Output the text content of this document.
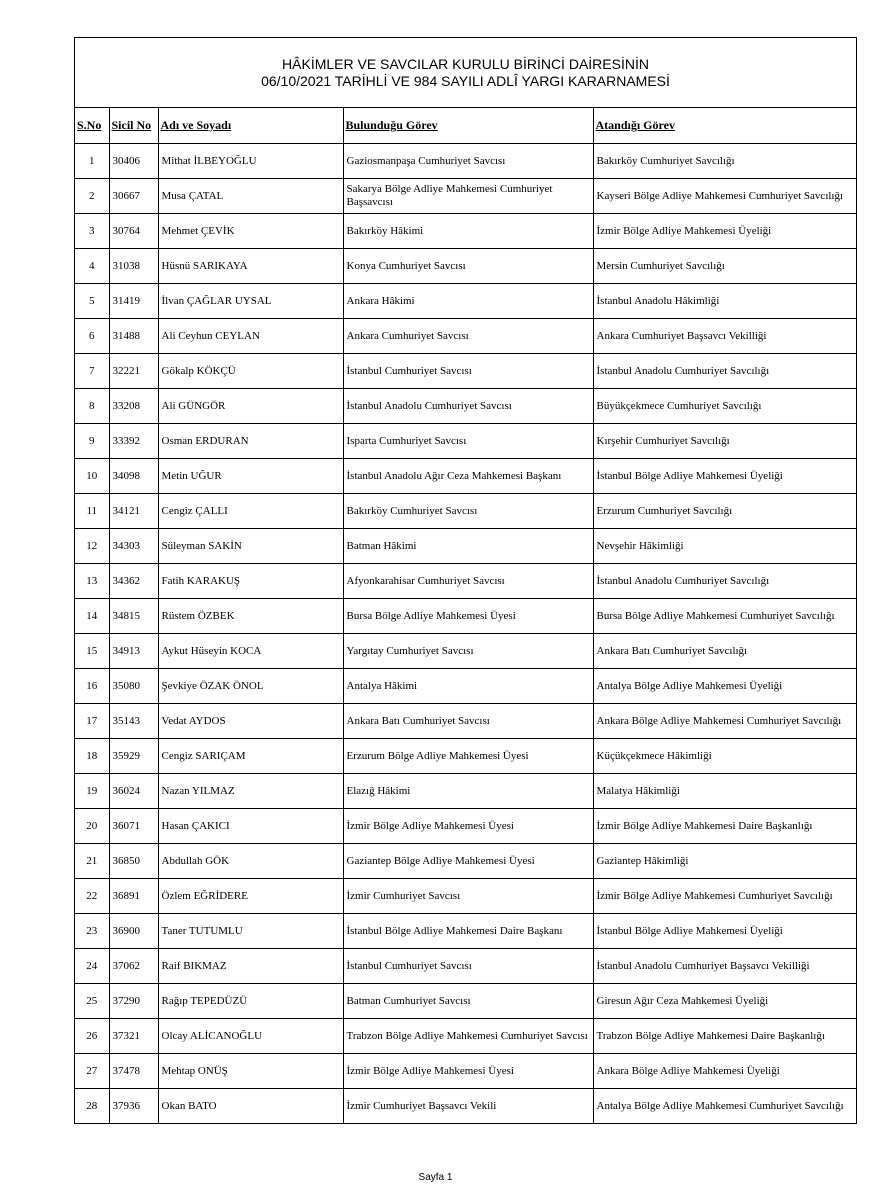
HÂKİMLER VE SAVCILAR KURULU BİRİNCİ DAİRESİNİN
06/10/2021 TARİHLİ VE 984 SAYILI ADLÎ YARGI KARARNAMESİ
S.No	Sicil No	Adı ve Soyadı	Bulunduğu Görev	Atandığı Görev
1	30406	Mithat İLBEYOĞLU	Gaziosmanpaşa Cumhuriyet Savcısı	Bakırköy Cumhuriyet Savcılığı
2	30667	Musa ÇATAL	Sakarya Bölge Adliye Mahkemesi Cumhuriyet Başsavcısı	Kayseri Bölge Adliye Mahkemesi Cumhuriyet Savcılığı
3	30764	Mehmet ÇEVİK	Bakırköy Hâkimi	İzmir Bölge Adliye Mahkemesi Üyeliği
4	31038	Hüsnü SARIKAYA	Konya Cumhuriyet Savcısı	Mersin Cumhuriyet Savcılığı
5	31419	İlvan ÇAĞLAR UYSAL	Ankara Hâkimi	İstanbul Anadolu Hâkimliği
6	31488	Ali Ceyhun CEYLAN	Ankara Cumhuriyet Savcısı	Ankara Cumhuriyet Başsavcı Vekilliği
7	32221	Gökalp KÖKÇÜ	İstanbul Cumhuriyet Savcısı	İstanbul Anadolu Cumhuriyet Savcılığı
8	33208	Ali GÜNGÖR	İstanbul Anadolu Cumhuriyet Savcısı	Büyükçekmece Cumhuriyet Savcılığı
9	33392	Osman ERDURAN	Isparta Cumhuriyet Savcısı	Kırşehir Cumhuriyet Savcılığı
10	34098	Metin UĞUR	İstanbul Anadolu Ağır Ceza Mahkemesi Başkanı	İstanbul Bölge Adliye Mahkemesi Üyeliği
11	34121	Cengiz ÇALLI	Bakırköy Cumhuriyet Savcısı	Erzurum Cumhuriyet Savcılığı
12	34303	Süleyman SAKİN	Batman Hâkimi	Nevşehir Hâkimliği
13	34362	Fatih KARAKUŞ	Afyonkarahisar Cumhuriyet Savcısı	İstanbul Anadolu Cumhuriyet Savcılığı
14	34815	Rüstem ÖZBEK	Bursa Bölge Adliye Mahkemesi Üyesi	Bursa Bölge Adliye Mahkemesi Cumhuriyet Savcılığı
15	34913	Aykut Hüseyin KOCA	Yargıtay Cumhuriyet Savcısı	Ankara Batı Cumhuriyet Savcılığı
16	35080	Şevkiye ÖZAK ÖNOL	Antalya Hâkimi	Antalya Bölge Adliye Mahkemesi Üyeliği
17	35143	Vedat AYDOS	Ankara Batı Cumhuriyet Savcısı	Ankara Bölge Adliye Mahkemesi Cumhuriyet Savcılığı
18	35929	Cengiz SARIÇAM	Erzurum Bölge Adliye Mahkemesi Üyesi	Küçükçekmece Hâkimliği
19	36024	Nazan YILMAZ	Elazığ Hâkimi	Malatya Hâkimliği
20	36071	Hasan ÇAKICI	İzmir Bölge Adliye Mahkemesi Üyesi	İzmir Bölge Adliye Mahkemesi Daire Başkanlığı
21	36850	Abdullah GÖK	Gaziantep Bölge Adliye Mahkemesi Üyesi	Gaziantep Hâkimliği
22	36891	Özlem EĞRİDERE	İzmir Cumhuriyet Savcısı	İzmir Bölge Adliye Mahkemesi Cumhuriyet Savcılığı
23	36900	Taner TUTUMLU	İstanbul Bölge Adliye Mahkemesi Daire Başkanı	İstanbul Bölge Adliye Mahkemesi Üyeliği
24	37062	Raif BIKMAZ	İstanbul Cumhuriyet Savcısı	İstanbul Anadolu Cumhuriyet Başsavcı Vekilliği
25	37290	Rağıp TEPEDÜZÜ	Batman Cumhuriyet Savcısı	Giresun Ağır Ceza Mahkemesi Üyeliği
26	37321	Olcay ALİCANOĞLU	Trabzon Bölge Adliye Mahkemesi Cumhuriyet Savcısı	Trabzon Bölge Adliye Mahkemesi Daire Başkanlığı
27	37478	Mehtap ONÜŞ	İzmir Bölge Adliye Mahkemesi Üyesi	Ankara Bölge Adliye Mahkemesi Üyeliği
28	37936	Okan BATO	İzmir Cumhuriyet Başsavcı Vekili	Antalya Bölge Adliye Mahkemesi Cumhuriyet Savcılığı
Sayfa 1
